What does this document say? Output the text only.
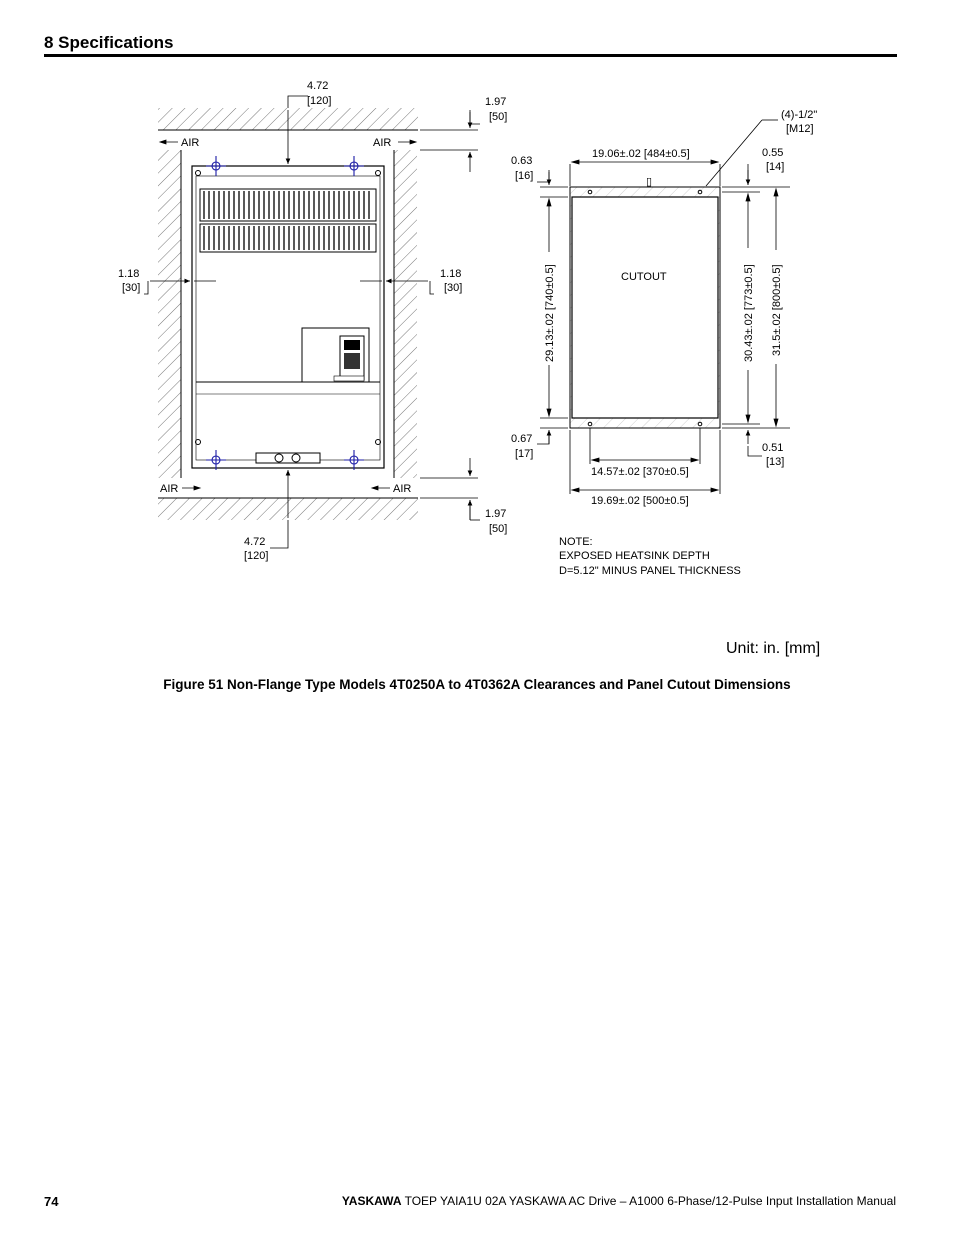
8 Specifications
AIR	AIR
AIR	AIR
4.72
[120]
4.72
[120]
1.18
[30]
1.18
[30]
1.97
[50]
1.97
[50]
CUTOUT
▯
(4)-1/2"
[M12]
19.06±.02 [484±0.5]
0.63
[16]
0.55
[14]
0.67
[17]	0.51
[13]
29.13±.02 [740±0.5]	30.43±.02 [773±0.5] 31.5±.02 [800±0.5]
14.57±.02 [370±0.5]
19.69±.02 [500±0.5]
NOTE:
EXPOSED HEATSINK DEPTH
D=5.12" MINUS PANEL THICKNESS
Unit: in. [mm]
Figure 51 Non-Flange Type Models 4T0250A to 4T0362A Clearances and Panel Cutout Dimensions
74	YASKAWA TOEP YAIA1U 02A YASKAWA AC Drive – A1000 6-Phase/12-Pulse Input Installation Manual
